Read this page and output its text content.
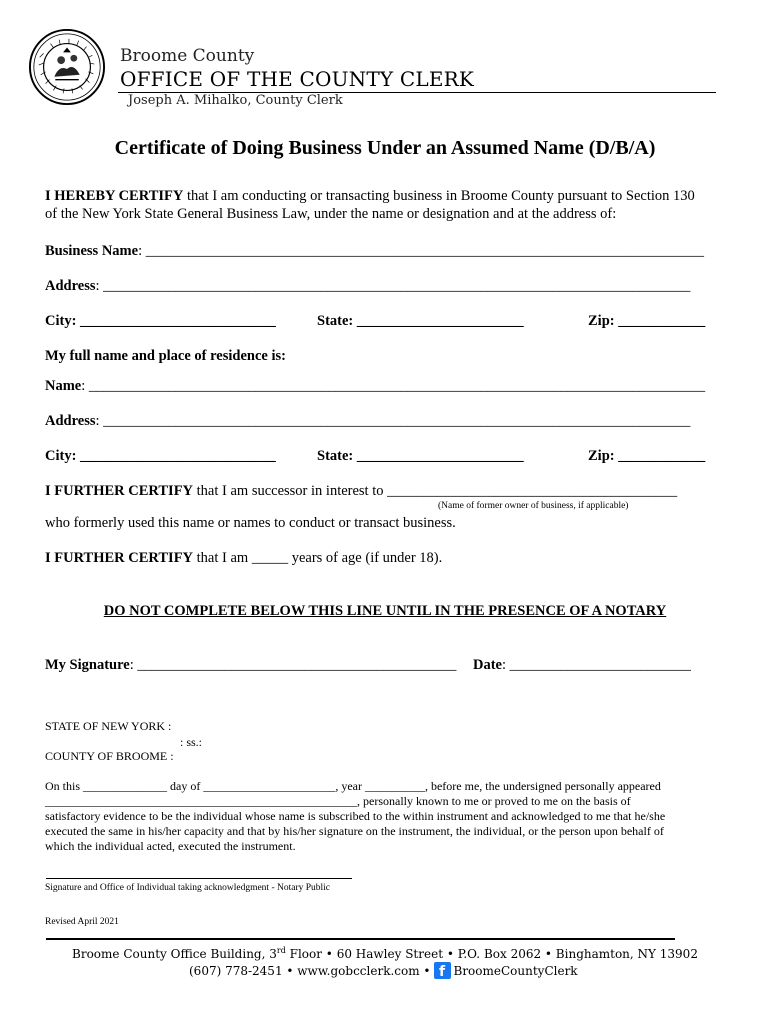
Broome County
OFFICE OF THE COUNTY CLERK
Joseph A. Mihalko, County Clerk
Certificate of Doing Business Under an Assumed Name (D/B/A)
I HEREBY CERTIFY that I am conducting or transacting business in Broome County pursuant to Section 130
of the New York State General Business Law, under the name or designation and at the address of:
Business Name: _____________________________________________________________________________
Address: _________________________________________________________________________________
City: ___________________________	State: _______________________	Zip: ____________
My full name and place of residence is:
Name: _____________________________________________________________________________________
Address: _________________________________________________________________________________
City: ___________________________	State: _______________________	Zip: ____________
I FURTHER CERTIFY that I am successor in interest to ________________________________________
(Name of former owner of business, if applicable)
who formerly used this name or names to conduct or transact business.
I FURTHER CERTIFY that I am _____ years of age (if under 18).
DO NOT COMPLETE BELOW THIS LINE UNTIL IN THE PRESENCE OF A NOTARY
My Signature: ____________________________________________ Date: _________________________
STATE OF NEW YORK :
: ss.:
COUNTY OF BROOME :
On this ______________ day of ______________________, year __________, before me, the undersigned personally appeared
____________________________________________________, personally known to me or proved to me on the basis of
satisfactory evidence to be the individual whose name is subscribed to the within instrument and acknowledged to me that he/she
executed the same in his/her capacity and that by his/her signature on the instrument, the individual, or the person upon behalf of
which the individual acted, executed the instrument.
Signature and Office of Individual taking acknowledgment - Notary Public
Revised April 2021
Broome County Office Building, 3rd Floor • 60 Hawley Street • P.O. Box 2062 • Binghamton, NY 13902
(607) 778-2451 • www.gobcclerk.com • f BroomeCountyClerk
